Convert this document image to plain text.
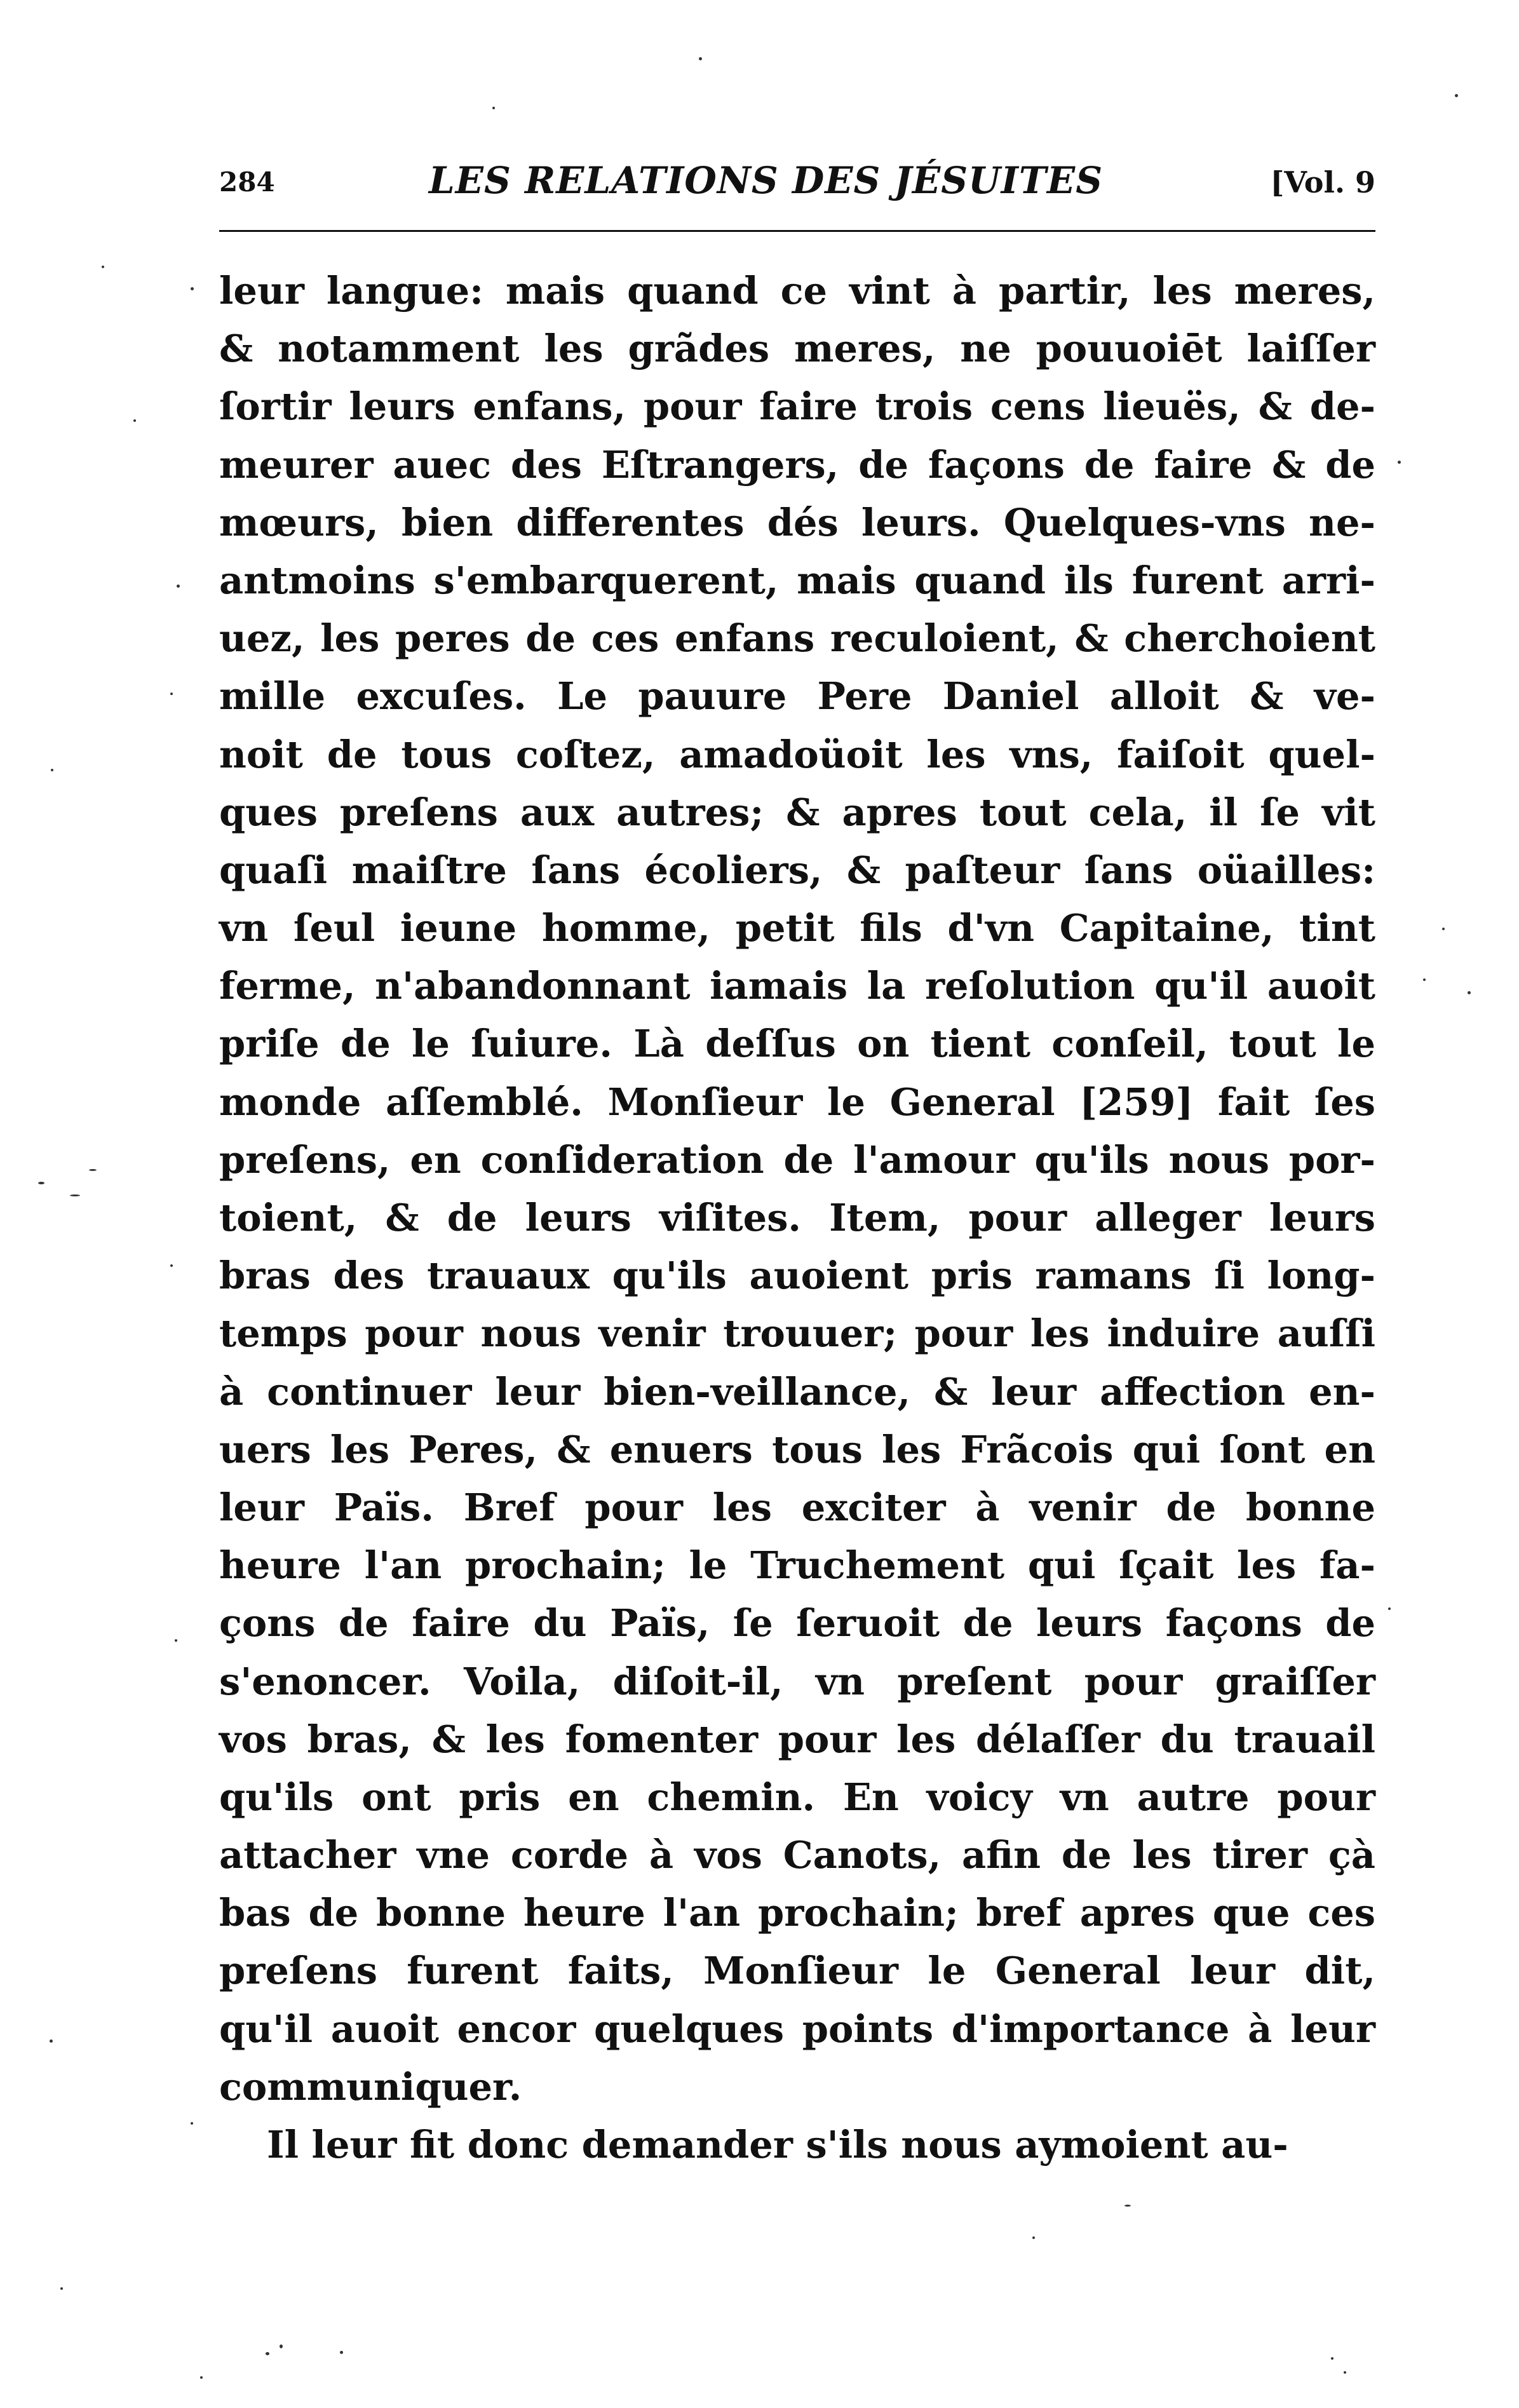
284	LES RELATIONS DES JÉSUITES	[Vol. 9
leur langue: mais quand ce vint à partir, les meres,
& notamment les grãdes meres, ne pouuoiēt laiſſer
ſortir leurs enfans, pour faire trois cens lieuës, & de-
meurer auec des Eſtrangers, de façons de faire & de
mœurs, bien differentes dés leurs. Quelques-vns ne-
antmoins s'embarquerent, mais quand ils furent arri-
uez, les peres de ces enfans reculoient, & cherchoient
mille excuſes. Le pauure Pere Daniel alloit & ve-
noit de tous coſtez, amadoüoit les vns, faiſoit quel-
ques preſens aux autres; & apres tout cela, il ſe vit
quaſi maiſtre ſans écoliers, & paſteur ſans oüailles:
vn ſeul ieune homme, petit fils d'vn Capitaine, tint
ferme, n'abandonnant iamais la reſolution qu'il auoit
priſe de le ſuiure. Là deſſus on tient conſeil, tout le
monde aſſemblé. Monſieur le General [259] fait ſes
preſens, en conſideration de l'amour qu'ils nous por-
toient, & de leurs viſites. Item, pour alleger leurs
bras des trauaux qu'ils auoient pris ramans ſi long-
temps pour nous venir trouuer; pour les induire auſſi
à continuer leur bien-veillance, & leur affection en-
uers les Peres, & enuers tous les Frãcois qui ſont en
leur Païs. Bref pour les exciter à venir de bonne
heure l'an prochain; le Truchement qui ſçait les fa-
çons de faire du Païs, ſe ſeruoit de leurs façons de
s'enoncer. Voila, diſoit-il, vn preſent pour graiſſer
vos bras, & les fomenter pour les délaſſer du trauail
qu'ils ont pris en chemin. En voicy vn autre pour
attacher vne corde à vos Canots, afin de les tirer çà
bas de bonne heure l'an prochain; bref apres que ces
preſens furent faits, Monſieur le General leur dit,
qu'il auoit encor quelques points d'importance à leur
communiquer.
Il leur fit donc demander s'ils nous aymoient au-
